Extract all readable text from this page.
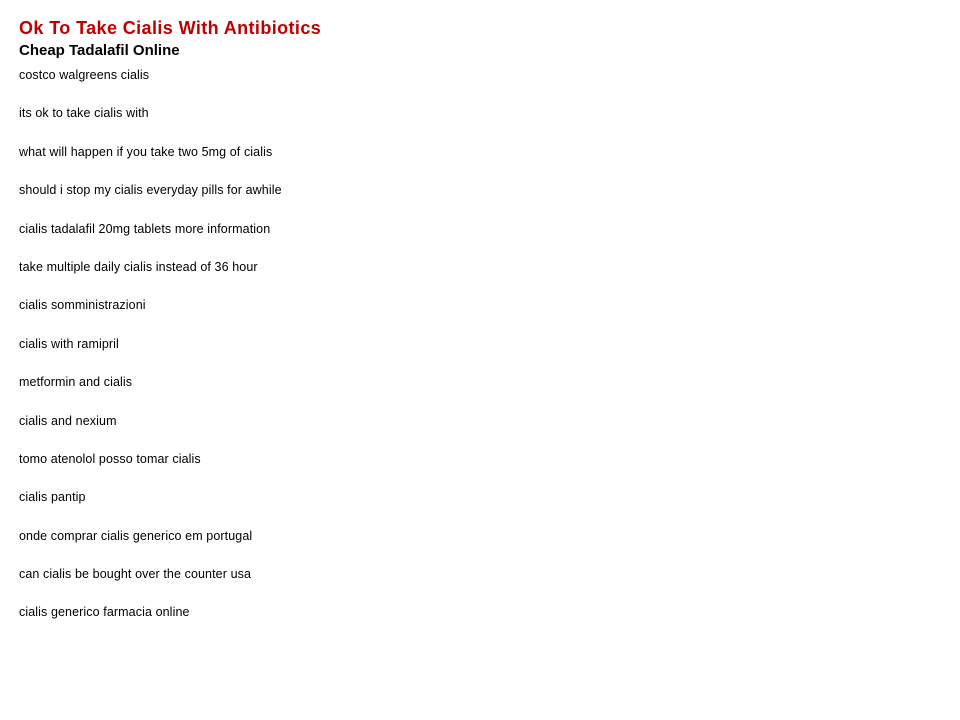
Ok To Take Cialis With Antibiotics
Cheap Tadalafil Online
costco walgreens cialis
its ok to take cialis with
what will happen if you take two 5mg of cialis
should i stop my cialis everyday pills for awhile
cialis tadalafil 20mg tablets more information
take multiple daily cialis instead of 36 hour
cialis somministrazioni
cialis with ramipril
metformin and cialis
cialis and nexium
tomo atenolol posso tomar cialis
cialis pantip
onde comprar cialis generico em portugal
can cialis be bought over the counter usa
cialis generico farmacia online
